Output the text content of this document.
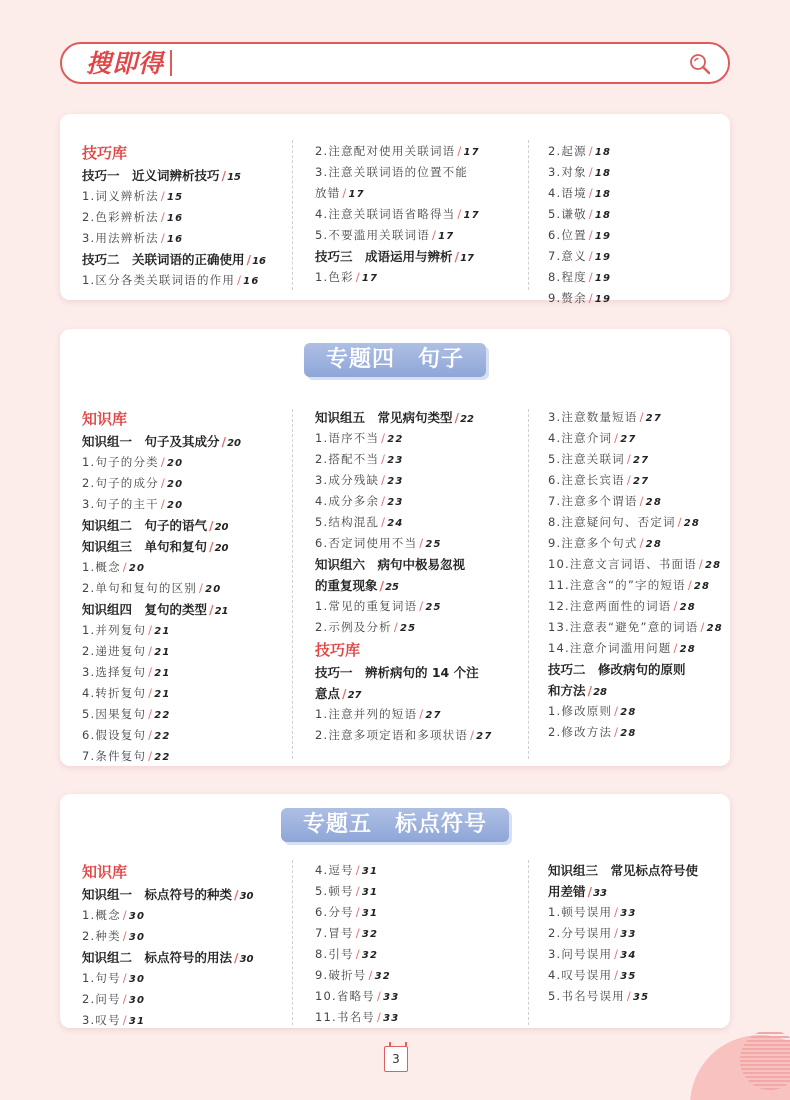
搜即得
技巧库
技巧一　近义词辨析技巧 /15
1.词义辨析法 /15
2.色彩辨析法 /16
3.用法辨析法 /16
技巧二　关联词语的正确使用 /16
1.区分各类关联词语的作用 /16
2.注意配对使用关联词语 /17
3.注意关联词语的位置不能
放错 /17
4.注意关联词语省略得当 /17
5.不要滥用关联词语 /17
技巧三　成语运用与辨析 /17
1.色彩 /17
2.起源 /18
3.对象 /18
4.语境 /18
5.谦敬 /18
6.位置 /19
7.意义 /19
8.程度 /19
9.赘余 /19
专题四　句子
知识库
知识组一　句子及其成分 /20
1.句子的分类 /20
2.句子的成分 /20
3.句子的主干 /20
知识组二　句子的语气 /20
知识组三　单句和复句 /20
1.概念 /20
2.单句和复句的区别 /20
知识组四　复句的类型 /21
1.并列复句 /21
2.递进复句 /21
3.选择复句 /21
4.转折复句 /21
5.因果复句 /22
6.假设复句 /22
7.条件复句 /22
知识组五　常见病句类型 /22
1.语序不当 /22
2.搭配不当 /23
3.成分残缺 /23
4.成分多余 /23
5.结构混乱 /24
6.否定词使用不当 /25
知识组六　病句中极易忽视
的重复现象 /25
1.常见的重复词语 /25
2.示例及分析 /25
技巧库
技巧一　辨析病句的 14 个注
意点 /27
1.注意并列的短语 /27
2.注意多项定语和多项状语 /27
3.注意数量短语 /27
4.注意介词 /27
5.注意关联词 /27
6.注意长宾语 /27
7.注意多个谓语 /28
8.注意疑问句、否定词 /28
9.注意多个句式 /28
10.注意文言词语、书面语 /28
11.注意含“的”字的短语 /28
12.注意两面性的词语 /28
13.注意表“避免”意的词语 /28
14.注意介词滥用问题 /28
技巧二　修改病句的原则
和方法 /28
1.修改原则 /28
2.修改方法 /28
专题五　标点符号
知识库
知识组一　标点符号的种类 /30
1.概念 /30
2.种类 /30
知识组二　标点符号的用法 /30
1.句号 /30
2.问号 /30
3.叹号 /31
4.逗号 /31
5.顿号 /31
6.分号 /31
7.冒号 /32
8.引号 /32
9.破折号 /32
10.省略号 /33
11.书名号 /33
知识组三　常见标点符号使
用差错 /33
1.顿号误用 /33
2.分号误用 /33
3.问号误用 /34
4.叹号误用 /35
5.书名号误用 /35
3
